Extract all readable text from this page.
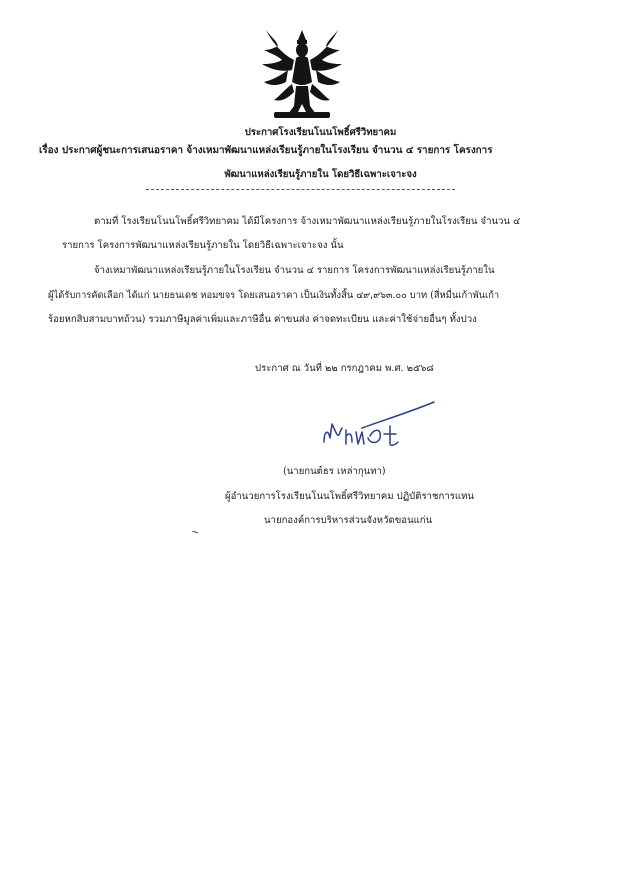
ประกาศโรงเรียนโนนโพธิ์ศรีวิทยาคม
เรื่อง ประกาศผู้ชนะการเสนอราคา จ้างเหมาพัฒนาแหล่งเรียนรู้ภายในโรงเรียน จำนวน ๔ รายการ โครงการ
พัฒนาแหล่งเรียนรู้ภายใน โดยวิธีเฉพาะเจาะจง
ตามที่ โรงเรียนโนนโพธิ์ศรีวิทยาคม ได้มีโครงการ จ้างเหมาพัฒนาแหล่งเรียนรู้ภายในโรงเรียน จำนวน ๔
รายการ โครงการพัฒนาแหล่งเรียนรู้ภายใน โดยวิธีเฉพาะเจาะจง นั้น
จ้างเหมาพัฒนาแหล่งเรียนรู้ภายในโรงเรียน จำนวน ๔ รายการ โครงการพัฒนาแหล่งเรียนรู้ภายใน
ผู้ได้รับการคัดเลือก ได้แก่ นายธนเดช หอมขจร โดยเสนอราคา เป็นเงินทั้งสิ้น ๔๙,๙๖๓.๐๐ บาท (สี่หมื่นเก้าพันเก้า
ร้อยหกสิบสามบาทถ้วน) รวมภาษีมูลค่าเพิ่มและภาษีอื่น ค่าขนส่ง ค่าจดทะเบียน และค่าใช้จ่ายอื่นๆ ทั้งปวง
ประกาศ ณ วันที่ ๒๒ กรกฎาคม พ.ศ. ๒๕๖๘
(นายกนต์ธร เหล่ากุนทา)
ผู้อำนวยการโรงเรียนโนนโพธิ์ศรีวิทยาคม ปฏิบัติราชการแทน
นายกองค์การบริหารส่วนจังหวัดขอนแก่น
